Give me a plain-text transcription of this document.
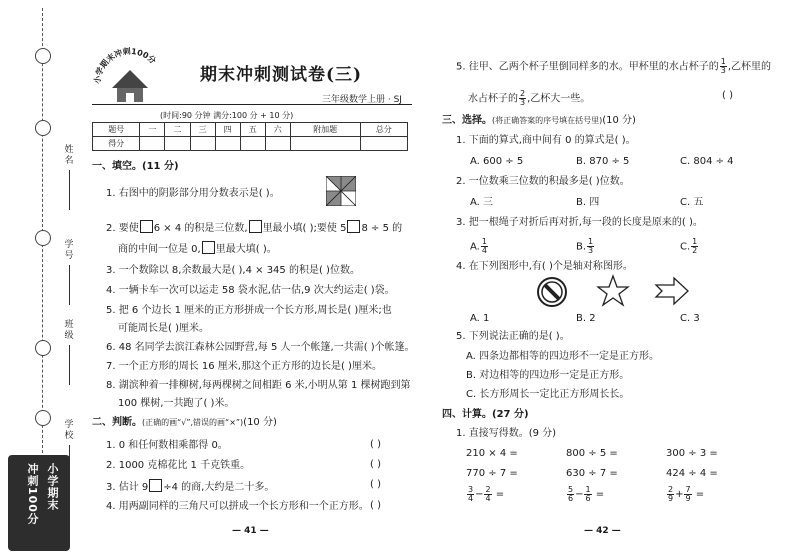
姓名
学号
班级
学校
小学期末
冲刺100分
小学期末冲刺100分
期末冲刺测试卷(三)
三年级数学上册 · SJ
(时间:90 分钟 满分:100 分 + 10 分)
题号	一	二	三	四	五	六	附加题	总分
得分								
一、填空。(11 分)
1. 右图中的阴影部分用分数表示是( )。
2. 要使 6 × 4 的积是三位数, 里最小填( );要使 5 8 ÷ 5 的
商的中间一位是 0, 里最大填( )。
3. 一个数除以 8,余数最大是( ),4 × 345 的积是( )位数。
4. 一辆卡车一次可以运走 58 袋水泥,估一估,9 次大约运走( )袋。
5. 把 6 个边长 1 厘米的正方形拼成一个长方形,周长是( )厘米;也
可能周长是( )厘米。
6. 48 名同学去滨江森林公园野营,每 5 人一个帐篷,一共需( )个帐篷。
7. 一个正方形的周长 16 厘米,那这个正方形的边长是( )厘米。
8. 湖滨种着一排柳树,每两棵树之间相距 6 米,小明从第 1 棵树跑到第
100 棵树,一共跑了( )米。
二、判断。(正确的画“√”,错误的画“×”)(10 分)
1. 0 和任何数相乘都得 0。	( )
2. 1000 克棉花比 1 千克铁重。	( )
3. 估计 9 ÷4 的商,大约是二十多。	( )
4. 用两副同样的三角尺可以拼成一个长方形和一个正方形。 ( )
— 41 —
5. 往甲、乙两个杯子里倒同样多的水。甲杯里的水占杯子的 $\frac{1}{3}$ ,乙杯里的
水占杯子的 $\frac{2}{3}$ ,乙杯大一些。	( )
三、选择。(将正确答案的序号填在括号里)(10 分)
1. 下面的算式,商中间有 0 的算式是( )。
A. 600 ÷ 5	B. 870 ÷ 5	C. 804 ÷ 4
2. 一位数乘三位数的积最多是( )位数。
A. 三	B. 四	C. 五
3. 把一根绳子对折后再对折,每一段的长度是原来的( )。
A. $\frac{1}{4}$	B. $\frac{1}{3}$	C. $\frac{1}{2}$
4. 在下列图形中,有( )个是轴对称图形。
A. 1	B. 2	C. 3
5. 下列说法正确的是( )。
A. 四条边都相等的四边形不一定是正方形。
B. 对边相等的四边形一定是正方形。
C. 长方形周长一定比正方形周长长。
四、计算。(27 分)
1. 直接写得数。(9 分)
210 × 4 =	800 ÷ 5 =	300 ÷ 3 =
770 ÷ 7 =	630 ÷ 7 =	424 ÷ 4 =
$\frac{3}{4} - \frac{2}{4}$ =	$\frac{5}{6} - \frac{1}{6}$ =	$\frac{2}{9} + \frac{7}{9}$ =
— 42 —
